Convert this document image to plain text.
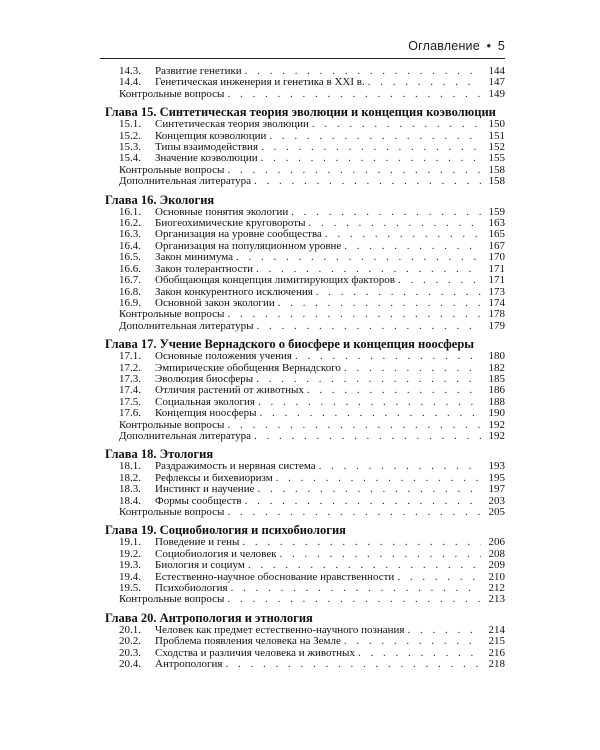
Оглавление • 5
14.3. Развитие генетики . . .	144
14.4. Генетическая инженерия и генетика в XXI в. . . .	147
Контрольные вопросы . . .	149
Глава 15. Синтетическая теория эволюции и концепция коэволюции
15.1. Синтетическая теория эволюции . . .	150
15.2. Концепция коэволюции . . .	151
15.3. Типы взаимодействия . . .	152
15.4. Значение коэволюции . . .	155
Контрольные вопросы . . .	158
Дополнительная литература . . .	158
Глава 16. Экология
16.1. Основные понятия экологии . . .	159
16.2. Биогеохимические круговороты . . .	163
16.3. Организация на уровне сообщества . . .	165
16.4. Организация на популяционном уровне . . .	167
16.5. Закон минимума . . .	170
16.6. Закон толерантности . . .	171
16.7. Обобщающая концепция лимитирующих факторов . . .	171
16.8. Закон конкурентного исключения . . .	173
16.9. Основной закон экологии . . .	174
Контрольные вопросы . . .	178
Дополнительная литературы . . .	179
Глава 17. Учение Вернадского о биосфере и концепция ноосферы
17.1. Основные положения учения . . .	180
17.2. Эмпирические обобщения Вернадского . . .	182
17.3. Эволюция биосферы . . .	185
17.4. Отличия растений от животных . . .	186
17.5. Социальная экология . . .	188
17.6. Концепция ноосферы . . .	190
Контрольные вопросы . . .	192
Дополнительная литература . . .	192
Глава 18. Этология
18.1. Раздражимость и нервная система . . .	193
18.2. Рефлексы и бихевиоризм . . .	195
18.3. Инстинкт и научение . . .	197
18.4. Формы сообществ . . .	203
Контрольные вопросы . . .	205
Глава 19. Социобиология и психобиология
19.1. Поведение и гены . . .	206
19.2. Социобиология и человек . . .	208
19.3. Биология и социум . . .	209
19.4. Естественно-научное обоснование нравственности . . .	210
19.5. Психобиология . . .	212
Контрольные вопросы . . .	213
Глава 20. Антропология и этнология
20.1. Человек как предмет естественно-научного познания . . .	214
20.2. Проблема появления человека на Земле . . .	215
20.3. Сходства и различия человека и животных . . .	216
20.4. Антропология . . .	218
